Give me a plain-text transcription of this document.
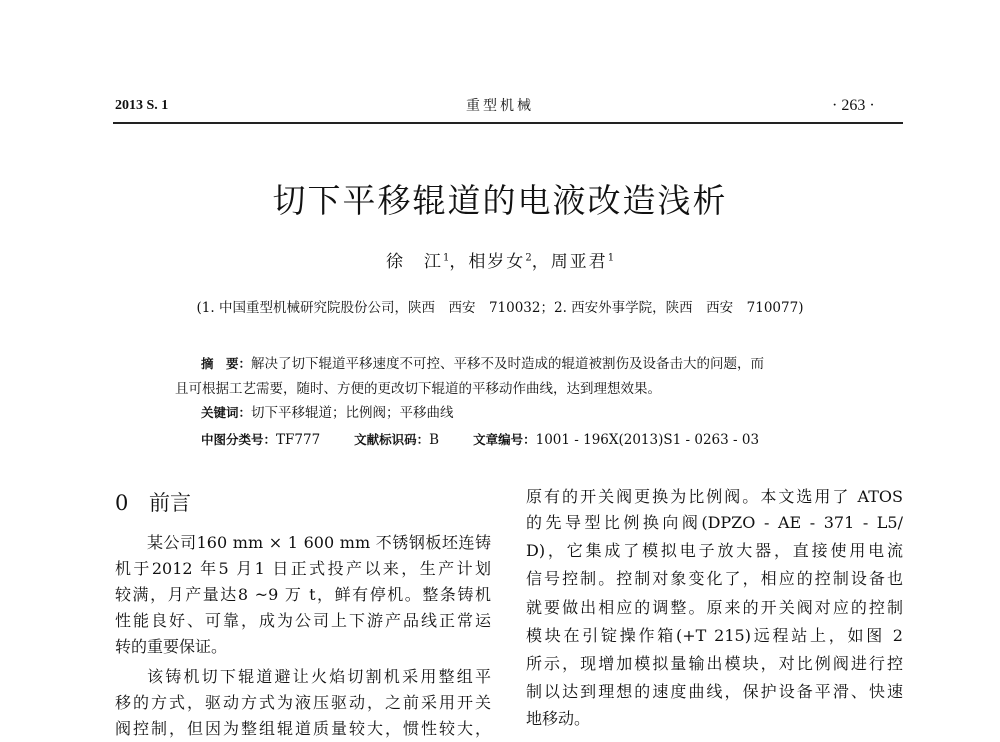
2013 S. 1	重型机械	· 263 ·
切下平移辊道的电液改造浅析
徐　江$^1$，相岁女$^2$，周亚君$^1$
(1. 中国重型机械研究院股份公司，陕西　西安　710032；2. 西安外事学院，陕西　西安　710077)
摘　要：解决了切下辊道平移速度不可控、平移不及时造成的辊道被割伤及设备击大的问题，而
且可根据工艺需要，随时、方便的更改切下辊道的平移动作曲线，达到理想效果。
关键词：切下平移辊道；比例阀；平移曲线
中图分类号：TF777	文献标识码：B	文章编号：1001 - 196X(2013)S1 - 0263 - 03
0 前言
某公司160 mm × 1 600 mm 不锈钢板坯连铸
机于2012 年5 月1 日正式投产以来，生产计划
较满，月产量达8 ~9 万 t，鲜有停机。整条铸机
性能良好、可靠，成为公司上下游产品线正常运
转的重要保证。
该铸机切下辊道避让火焰切割机采用整组平
移的方式，驱动方式为液压驱动，之前采用开关
阀控制，但因为整组辊道质量较大，惯性较大，
原有的开关阀更换为比例阀。本文选用了 ATOS
的先导型比例换向阀(DPZO - AE - 371 - L5/
D)，它集成了模拟电子放大器，直接使用电流
信号控制。控制对象变化了，相应的控制设备也
就要做出相应的调整。原来的开关阀对应的控制
模块在引锭操作箱(+T 215)远程站上，如图 2
所示，现增加模拟量输出模块，对比例阀进行控
制以达到理想的速度曲线，保护设备平滑、快速
地移动。
